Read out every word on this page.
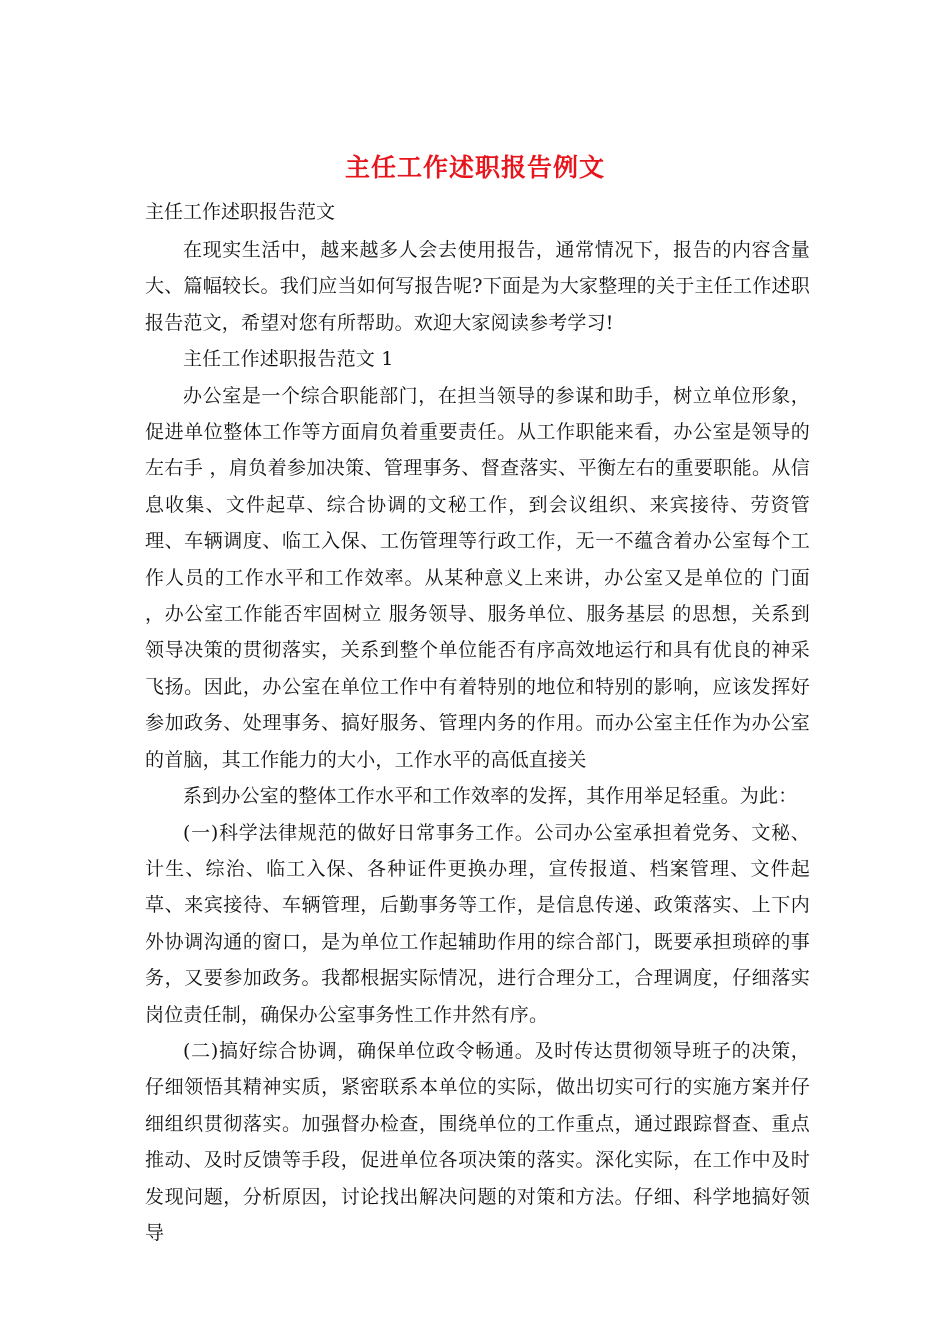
主任工作述职报告例文
主任工作述职报告范文

在现实生活中，越来越多人会去使用报告，通常情况下，报告的内容含量大、篇幅较长。我们应当如何写报告呢?下面是为大家整理的关于主任工作述职报告范文，希望对您有所帮助。欢迎大家阅读参考学习!

主任工作述职报告范文 1

办公室是一个综合职能部门，在担当领导的参谋和助手，树立单位形象，促进单位整体工作等方面肩负着重要责任。从工作职能来看，办公室是领导的 左右手 ，肩负着参加决策、管理事务、督查落实、平衡左右的重要职能。从信息收集、文件起草、综合协调的文秘工作，到会议组织、来宾接待、劳资管理、车辆调度、临工入保、工伤管理等行政工作，无一不蕴含着办公室每个工作人员的工作水平和工作效率。从某种意义上来讲，办公室又是单位的 门面 ，办公室工作能否牢固树立 服务领导、服务单位、服务基层 的思想，关系到领导决策的贯彻落实，关系到整个单位能否有序高效地运行和具有优良的神采飞扬。因此，办公室在单位工作中有着特别的地位和特别的影响，应该发挥好参加政务、处理事务、搞好服务、管理内务的作用。而办公室主任作为办公室的首脑，其工作能力的大小，工作水平的高低直接关

系到办公室的整体工作水平和工作效率的发挥，其作用举足轻重。为此：

(一)科学法律规范的做好日常事务工作。公司办公室承担着党务、文秘、计生、综治、临工入保、各种证件更换办理，宣传报道、档案管理、文件起草、来宾接待、车辆管理，后勤事务等工作，是信息传递、政策落实、上下内外协调沟通的窗口，是为单位工作起辅助作用的综合部门，既要承担琐碎的事务，又要参加政务。我都根据实际情况，进行合理分工，合理调度，仔细落实岗位责任制，确保办公室事务性工作井然有序。

(二)搞好综合协调，确保单位政令畅通。及时传达贯彻领导班子的决策，仔细领悟其精神实质，紧密联系本单位的实际，做出切实可行的实施方案并仔细组织贯彻落实。加强督办检查，围绕单位的工作重点，通过跟踪督查、重点推动、及时反馈等手段，促进单位各项决策的落实。深化实际，在工作中及时发现问题，分析原因，讨论找出解决问题的对策和方法。仔细、科学地搞好领导
